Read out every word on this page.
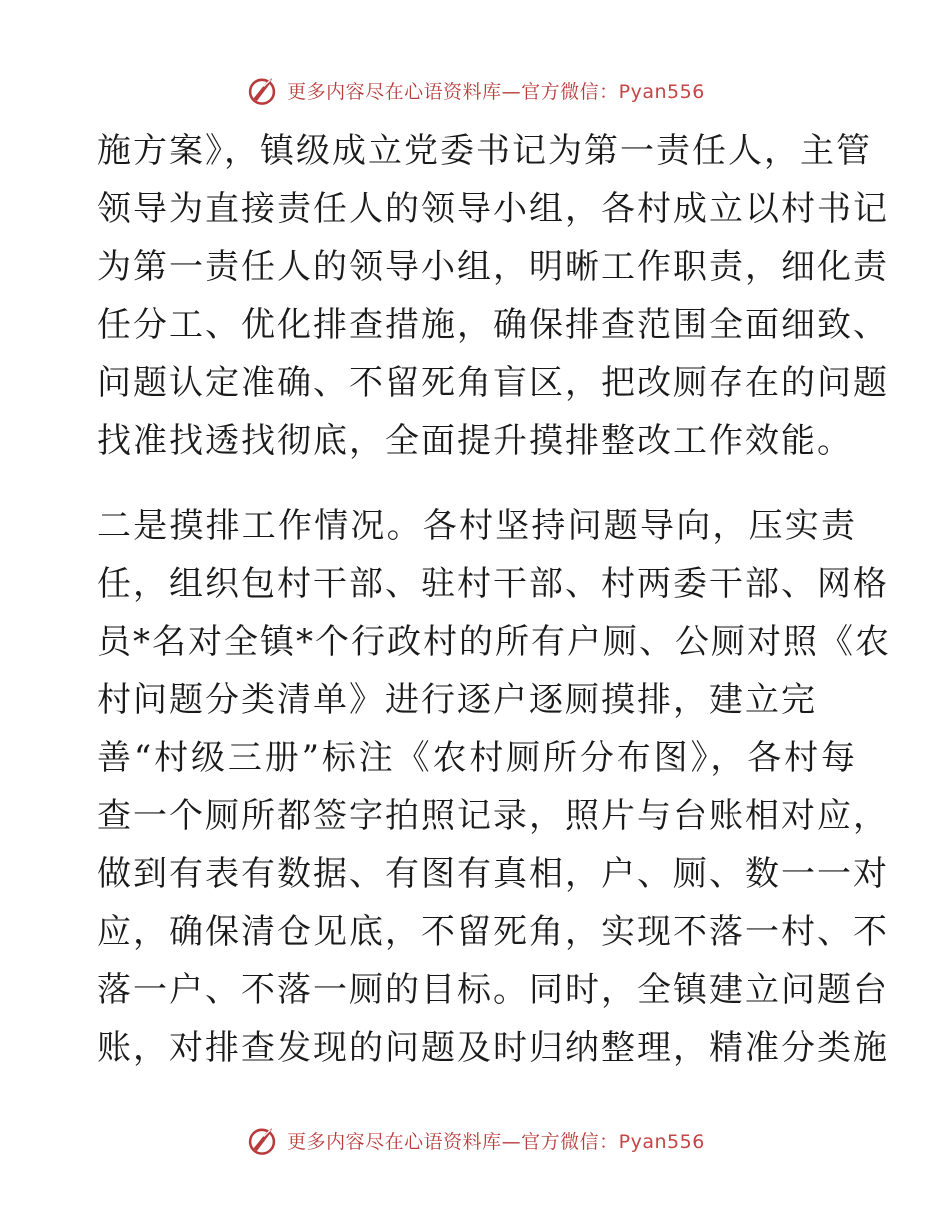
更多内容尽在心语资料库—官方微信：Pyan556
施方案》，镇级成立党委书记为第一责任人，主管
领导为直接责任人的领导小组，各村成立以村书记
为第一责任人的领导小组，明晰工作职责，细化责
任分工、优化排查措施，确保排查范围全面细致、
问题认定准确、不留死角盲区，把改厕存在的问题
找准找透找彻底，全面提升摸排整改工作效能。
二是摸排工作情况。各村坚持问题导向，压实责
任，组织包村干部、驻村干部、村两委干部、网格
员*名对全镇*个行政村的所有户厕、公厕对照《农
村问题分类清单》进行逐户逐厕摸排，建立完
善“村级三册”标注《农村厕所分布图》，各村每
查一个厕所都签字拍照记录，照片与台账相对应，
做到有表有数据、有图有真相，户、厕、数一一对
应，确保清仓见底，不留死角，实现不落一村、不
落一户、不落一厕的目标。同时，全镇建立问题台
账，对排查发现的问题及时归纳整理，精准分类施
更多内容尽在心语资料库—官方微信：Pyan556
